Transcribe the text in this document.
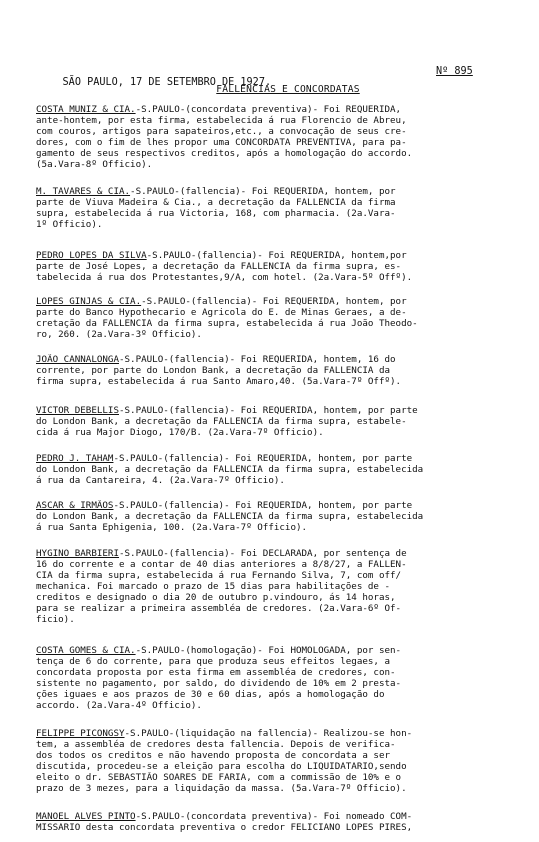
SÃO PAULO, 17 DE SETEMBRO DE 1927.

Nº 895

FALLENCIAS E CONCORDATAS
COSTA MUNIZ & CIA.-S.PAULO-(concordata preventiva)- Foi REQUERIDA,
ante-hontem, por esta firma, estabelecida á rua Florencio de Abreu,
com couros, artigos para sapateiros,etc., a convocação de seus cre-
dores, com o fim de lhes propor uma CONCORDATA PREVENTIVA, para pa-
gamento de seus respectivos creditos, após a homologação do accordo.
(5a.Vara-8º Officio).
M. TAVARES & CIA.-S.PAULO-(fallencia)- Foi REQUERIDA, hontem, por
parte de Viuva Madeira & Cia., a decretação da FALLENCIA da firma
supra, estabelecida á rua Victoria, 168, com pharmacia. (2a.Vara-
1º Officio).
PEDRO LOPES DA SILVA-S.PAULO-(fallencia)- Foi REQUERIDA, hontem,por
parte de José Lopes, a decretação da FALLENCIA da firma supra, es-
tabelecida á rua dos Protestantes,9/A, com hotel. (2a.Vara-5º Offº).
LOPES GINJAS & CIA.-S.PAULO-(fallencia)- Foi REQUERIDA, hontem, por
parte do Banco Hypothecario e Agricola do E. de Minas Geraes, a de-
cretação da FALLENCIA da firma supra, estabelecida á rua João Theodo-
ro, 260. (2a.Vara-3º Officio).
JOÃO CANNALONGA-S.PAULO-(fallencia)- Foi REQUERIDA, hontem, 16 do
corrente, por parte do London Bank, a decretação da FALLENCIA da
firma supra, estabelecida á rua Santo Amaro,40. (5a.Vara-7º Offº).
VICTOR DEBELLIS-S.PAULO-(fallencia)- Foi REQUERIDA, hontem, por parte
do London Bank, a decretação da FALLENCIA da firma supra, estabele-
cida á rua Major Diogo, 170/B. (2a.Vara-7º Officio).
PEDRO J. TAHAM-S.PAULO-(fallencia)- Foi REQUERIDA, hontem, por parte
do London Bank, a decretação da FALLENCIA da firma supra, estabelecida
á rua da Cantareira, 4. (2a.Vara-7º Officio).
ASCAR & IRMÃOS-S.PAULO-(fallencia)- Foi REQUERIDA, hontem, por parte
do London Bank, a decretação da FALLENCIA da firma supra, estabelecida
á rua Santa Ephigenia, 100. (2a.Vara-7º Officio).
HYGINO BARBIERI-S.PAULO-(fallencia)- Foi DECLARADA, por sentença de
16 do corrente e a contar de 40 dias anteriores a 8/8/27, a FALLEN-
CIA da firma supra, estabelecida á rua Fernando Silva, 7, com off/
mechanica. Foi marcado o prazo de 15 dias para habilitações de -
creditos e designado o dia 20 de outubro p.vindouro, ás 14 horas,
para se realizar a primeira assembléa de credores. (2a.Vara-6º Of-
ficio).
COSTA GOMES & CIA.-S.PAULO-(homologação)- Foi HOMOLOGADA, por sen-
tença de 6 do corrente, para que produza seus effeitos legaes, a
concordata proposta por esta firma em assembléa de credores, con-
sistente no pagamento, por saldo, do dividendo de 10% em 2 presta-
ções iguaes e aos prazos de 30 e 60 dias, após a homologação do
accordo. (2a.Vara-4º Officio).
FELIPPE PICONGSY-S.PAULO-(liquidação na fallencia)- Realizou-se hon-
tem, a assembléa de credores desta fallencia. Depois de verifica-
dos todos os creditos e não havendo proposta de concordata a ser
discutida, procedeu-se a eleição para escolha do LIQUIDATARIO,sendo
eleito o dr. SEBASTIÃO SOARES DE FARIA, com a commissão de 10% e o
prazo de 3 mezes, para a liquidação da massa. (5a.Vara-7º Officio).
MANOEL ALVES PINTO-S.PAULO-(concordata preventiva)- Foi nomeado COM-
MISSARIO desta concordata preventiva o credor FELICIANO LOPES PIRES,
